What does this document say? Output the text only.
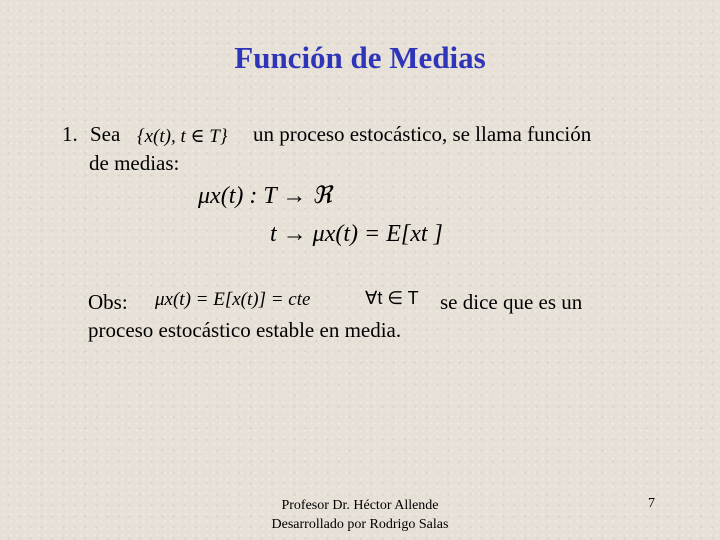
Función de Medias
1. Sea {x(t), t ∈ T} un proceso estocástico, se llama función
de medias:
μx(t) : T → ℜ
t → μx(t) = E[xt ]
Obs: μx(t) = E[x(t)] = cte	∀t ∈ T se dice que es un
proceso estocástico estable en media.
Profesor Dr. Héctor Allende
Desarrollado por Rodrigo Salas
7
